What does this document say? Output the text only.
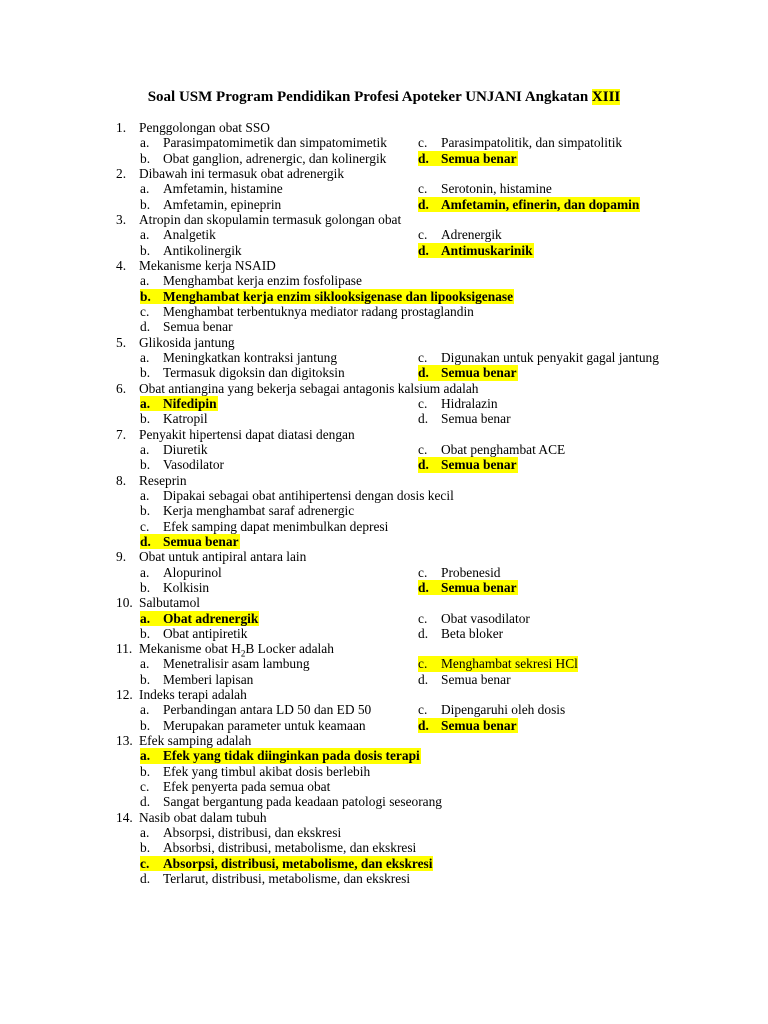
Soal USM Program Pendidikan Profesi Apoteker UNJANI Angkatan XIII
1. Penggolongan obat SSO
a. Parasimpatomimetik dan simpatomimetik c. Parasimpatolitik, dan simpatolitik
b. Obat ganglion, adrenergic, dan kolinergik d. Semua benar
2. Dibawah ini termasuk obat adrenergik
a. Amfetamin, histamine	c. Serotonin, histamine
b. Amfetamin, epineprin	d. Amfetamin, efinerin, dan dopamin
3. Atropin dan skopulamin termasuk golongan obat
a. Analgetik	c. Adrenergik
b. Antikolinergik	d. Antimuskarinik
4. Mekanisme kerja NSAID
a. Menghambat kerja enzim fosfolipase
b. Menghambat kerja enzim siklooksigenase dan lipooksigenase
c. Menghambat terbentuknya mediator radang prostaglandin
d. Semua benar
5. Glikosida jantung
a. Meningkatkan kontraksi jantung	c. Digunakan untuk penyakit gagal jantung
b. Termasuk digoksin dan digitoksin	d. Semua benar
6. Obat antiangina yang bekerja sebagai antagonis kalsium adalah
a. Nifedipin	c. Hidralazin
b. Katropil	d. Semua benar
7. Penyakit hipertensi dapat diatasi dengan
a. Diuretik	c. Obat penghambat ACE
b. Vasodilator	d. Semua benar
8. Reseprin
a. Dipakai sebagai obat antihipertensi dengan dosis kecil
b. Kerja menghambat saraf adrenergic
c. Efek samping dapat menimbulkan depresi
d. Semua benar
9. Obat untuk antipiral antara lain
a. Alopurinol	c. Probenesid
b. Kolkisin	d. Semua benar
10. Salbutamol
a. Obat adrenergik	c. Obat vasodilator
b. Obat antipiretik	d. Beta bloker
11. Mekanisme obat $H_2B$ Locker adalah
a. Menetralisir asam lambung	c. Menghambat sekresi HCl
b. Memberi lapisan	d. Semua benar
12. Indeks terapi adalah
a. Perbandingan antara LD 50 dan ED 50	c. Dipengaruhi oleh dosis
b. Merupakan parameter untuk keamaan	d. Semua benar
13. Efek samping adalah
a. Efek yang tidak diinginkan pada dosis terapi
b. Efek yang timbul akibat dosis berlebih
c. Efek penyerta pada semua obat
d. Sangat bergantung pada keadaan patologi seseorang
14. Nasib obat dalam tubuh
a. Absorpsi, distribusi, dan ekskresi
b. Absorbsi, distribusi, metabolisme, dan ekskresi
c. Absorpsi, distribusi, metabolisme, dan ekskresi
d. Terlarut, distribusi, metabolisme, dan ekskresi
